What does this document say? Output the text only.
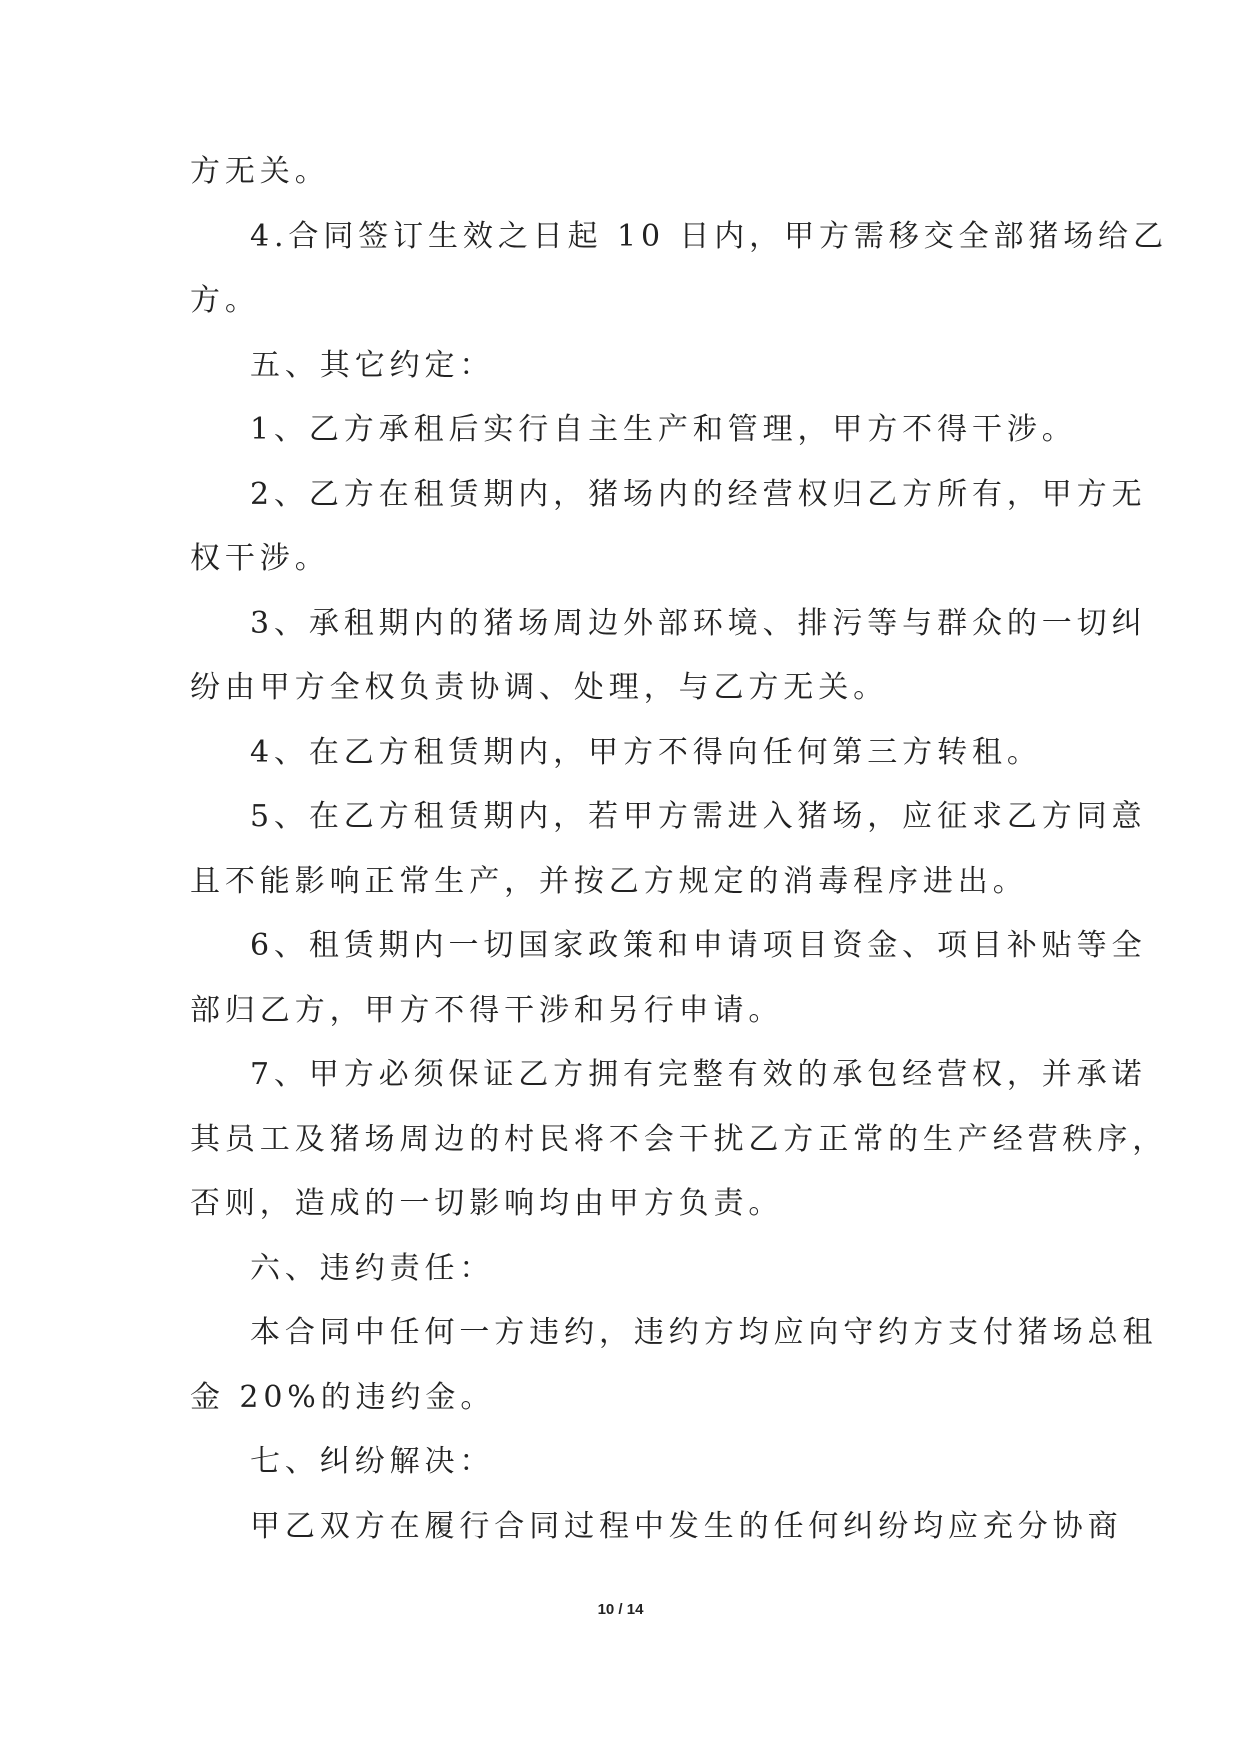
方无关。

4.合同签订生效之日起 10 日内，甲方需移交全部猪场给乙

方。

五、其它约定：

1、乙方承租后实行自主生产和管理，甲方不得干涉。

2、乙方在租赁期内，猪场内的经营权归乙方所有，甲方无

权干涉。

3、承租期内的猪场周边外部环境、排污等与群众的一切纠

纷由甲方全权负责协调、处理，与乙方无关。

4、在乙方租赁期内，甲方不得向任何第三方转租。

5、在乙方租赁期内，若甲方需进入猪场，应征求乙方同意

且不能影响正常生产，并按乙方规定的消毒程序进出。

6、租赁期内一切国家政策和申请项目资金、项目补贴等全

部归乙方，甲方不得干涉和另行申请。

7、甲方必须保证乙方拥有完整有效的承包经营权，并承诺

其员工及猪场周边的村民将不会干扰乙方正常的生产经营秩序，

否则，造成的一切影响均由甲方负责。

六、违约责任：

本合同中任何一方违约，违约方均应向守约方支付猪场总租

金 20%的违约金。

七、纠纷解决：

甲乙双方在履行合同过程中发生的任何纠纷均应充分协商

10 / 14
